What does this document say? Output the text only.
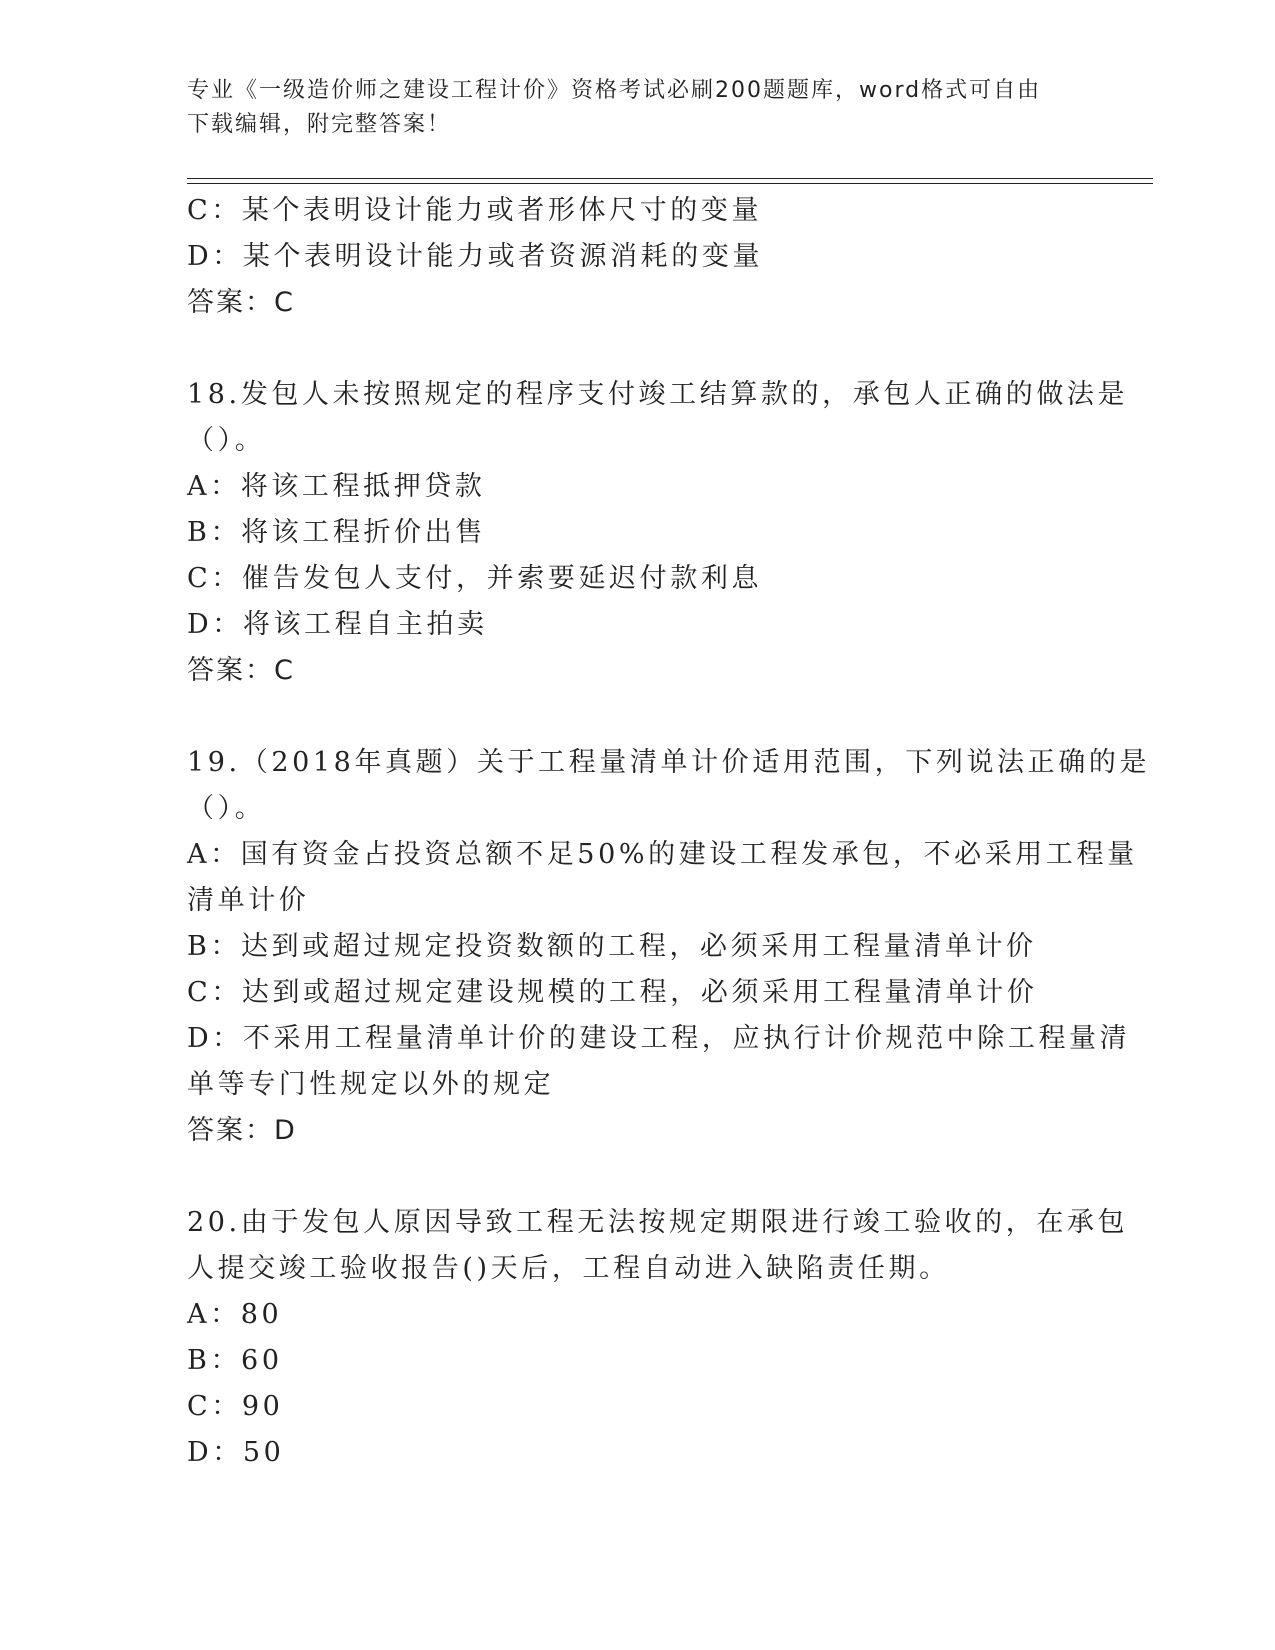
专业《一级造价师之建设工程计价》资格考试必刷200题题库，word格式可自由
下载编辑，附完整答案！
C：某个表明设计能力或者形体尺寸的变量
D：某个表明设计能力或者资源消耗的变量
答案：C
18.发包人未按照规定的程序支付竣工结算款的，承包人正确的做法是
（）。
A：将该工程抵押贷款
B：将该工程折价出售
C：催告发包人支付，并索要延迟付款利息
D：将该工程自主拍卖
答案：C
19.（2018年真题）关于工程量清单计价适用范围，下列说法正确的是
（）。
A：国有资金占投资总额不足50%的建设工程发承包，不必采用工程量
清单计价
B：达到或超过规定投资数额的工程，必须采用工程量清单计价
C：达到或超过规定建设规模的工程，必须采用工程量清单计价
D：不采用工程量清单计价的建设工程，应执行计价规范中除工程量清
单等专门性规定以外的规定
答案：D
20.由于发包人原因导致工程无法按规定期限进行竣工验收的，在承包
人提交竣工验收报告()天后，工程自动进入缺陷责任期。
A：80
B：60
C：90
D：50
